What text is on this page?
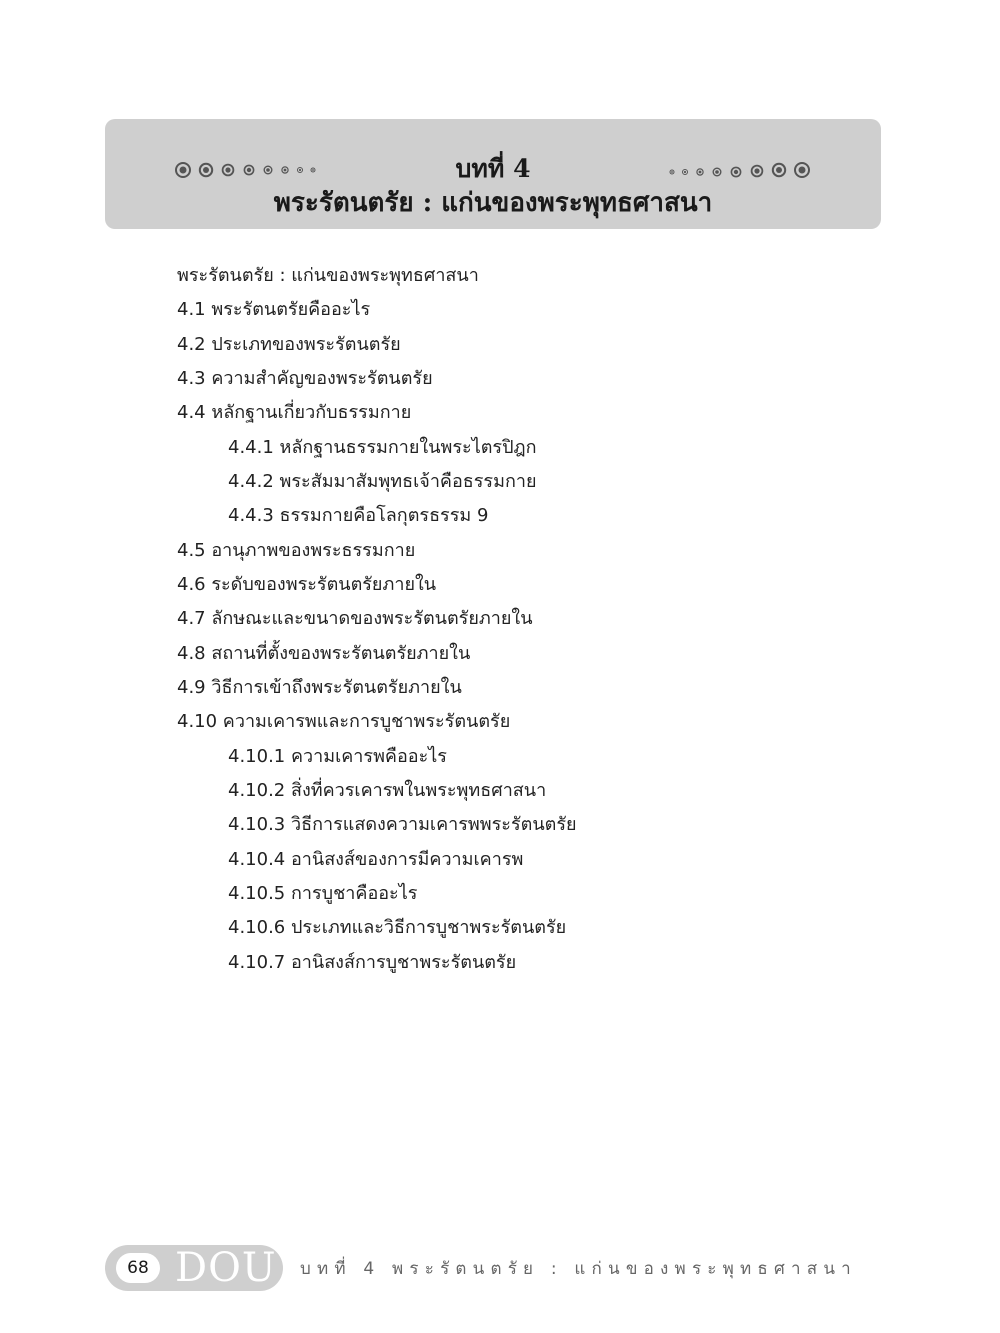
บทที่ 4
พระรัตนตรัย : แก่นของพระพุทธศาสนา
พระรัตนตรัย : แก่นของพระพุทธศาสนา
4.1 พระรัตนตรัยคืออะไร
4.2 ประเภทของพระรัตนตรัย
4.3 ความสำคัญของพระรัตนตรัย
4.4 หลักฐานเกี่ยวกับธรรมกาย
4.4.1 หลักฐานธรรมกายในพระไตรปิฎก
4.4.2 พระสัมมาสัมพุทธเจ้าคือธรรมกาย
4.4.3 ธรรมกายคือโลกุตรธรรม 9
4.5 อานุภาพของพระธรรมกาย
4.6 ระดับของพระรัตนตรัยภายใน
4.7 ลักษณะและขนาดของพระรัตนตรัยภายใน
4.8 สถานที่ตั้งของพระรัตนตรัยภายใน
4.9 วิธีการเข้าถึงพระรัตนตรัยภายใน
4.10 ความเคารพและการบูชาพระรัตนตรัย
4.10.1 ความเคารพคืออะไร
4.10.2 สิ่งที่ควรเคารพในพระพุทธศาสนา
4.10.3 วิธีการแสดงความเคารพพระรัตนตรัย
4.10.4 อานิสงส์ของการมีความเคารพ
4.10.5 การบูชาคืออะไร
4.10.6 ประเภทและวิธีการบูชาพระรัตนตรัย
4.10.7 อานิสงส์การบูชาพระรัตนตรัย
68 DOU บทที่ 4 พระรัตนตรัย : แก่นของพระพุทธศาสนา
